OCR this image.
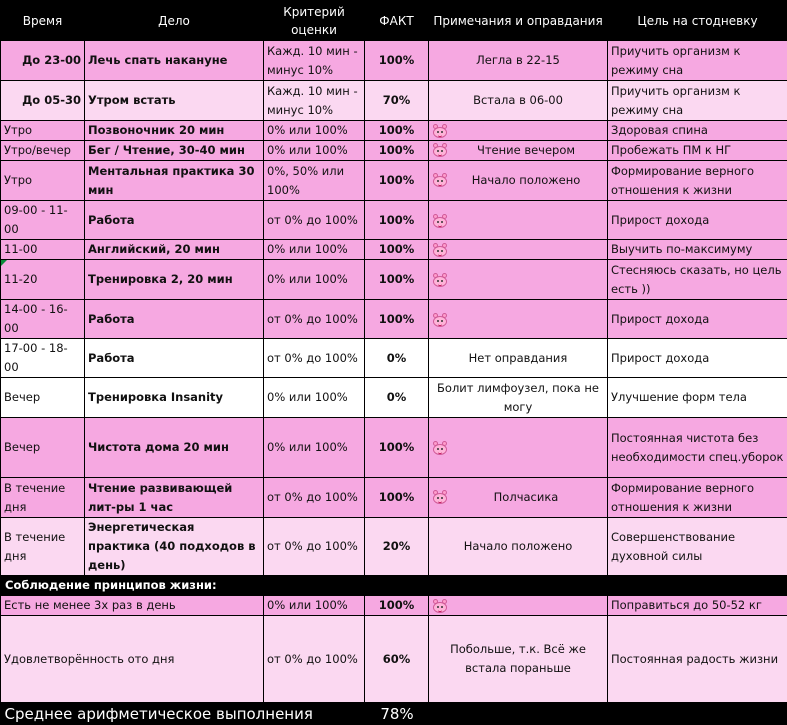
Время	Дело	Критерий оценки	ФАКТ	Примечания и оправдания	Цель на стодневку
До 23-00	Лечь спать накануне	Кажд. 10 мин - минус 10%	100%	Легла в 22-15	Приучить организм к режиму сна
До 05-30	Утром встать	Кажд. 10 мин - минус 10%	70%	Встала в 06-00	Приучить организм к режиму сна
Утро	Позвоночник 20 мин	0% или 100%	100%		Здоровая спина
Утро/вечер	Бег / Чтение, 30-40 мин	0% или 100%	100%	Чтение вечером	Пробежать ПМ к НГ
Утро	Ментальная практика 30 мин	0%, 50% или 100%	100%	Начало положено	Формирование верного отношения к жизни
09-00 - 11-00	Работа	от 0% до 100%	100%		Прирост дохода
11-00	Английский, 20 мин	0% или 100%	100%		Выучить по-максимуму

11-20	Тренировка 2, 20 мин	0% или 100%	100%		Стесняюсь сказать, но цель есть ))
14-00 - 16-00	Работа	от 0% до 100%	100%		Прирост дохода
17-00 - 18-00	Работа	от 0% до 100%	0%	Нет оправдания	Прирост дохода
Вечер	Тренировка Insanity	0% или 100%	0%	Болит лимфоузел, пока не могу	Улучшение форм тела
Вечер	Чистота дома 20 мин	0% или 100%	100%		Постоянная чистота без необходимости спец.уборок
В течение дня	Чтение развивающей лит-ры 1 час	от 0% до 100%	100%	Полчасика	Формирование верного отношения к жизни
В течение дня	Энергетическая практика (40 подходов в день)	от 0% до 100%	20%	Начало положено	Совершенствование духовной силы
Соблюдение принципов жизни:					
Есть не менее 3х раз в день		0% или 100%	100%		Поправиться до 50-52 кг
Удовлетворённость ото дня		от 0% до 100%	60%	Побольше, т.к. Всё же встала пораньше	Постоянная радость жизни
Среднее арифметическое выполнения			78%		
